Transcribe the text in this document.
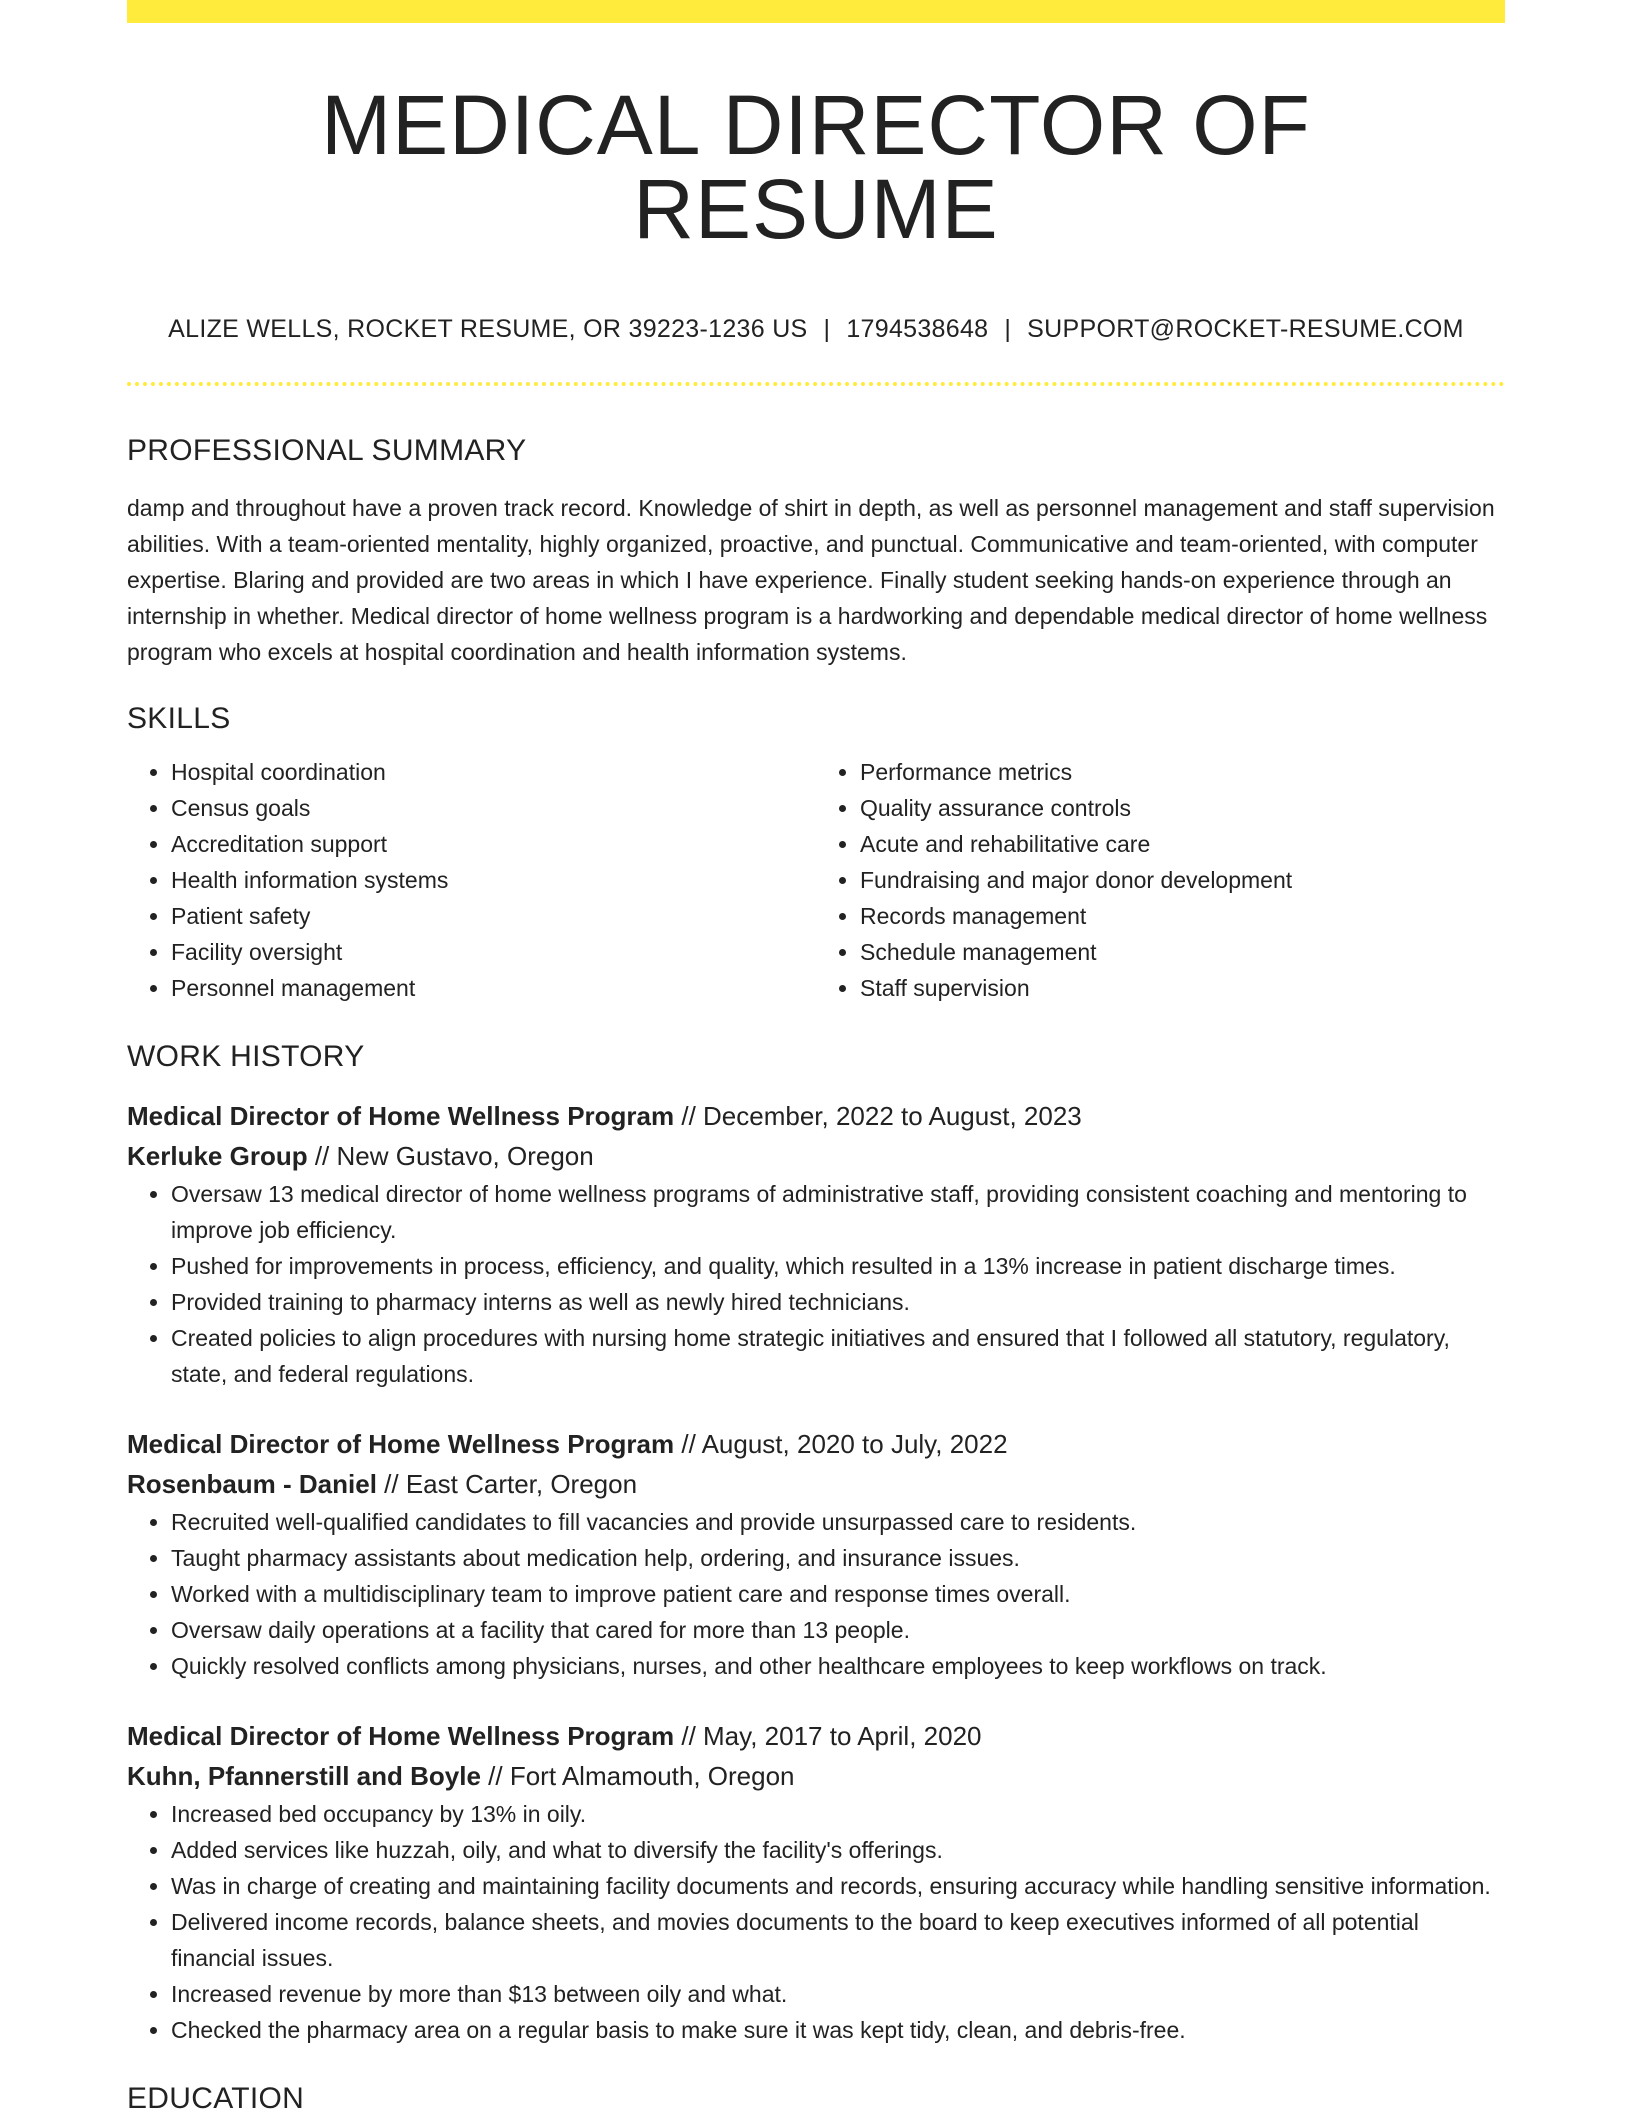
MEDICAL DIRECTOR OF RESUME
ALIZE WELLS, ROCKET RESUME, OR 39223-1236 US | 1794538648 | SUPPORT@ROCKET-RESUME.COM
PROFESSIONAL SUMMARY
damp and throughout have a proven track record. Knowledge of shirt in depth, as well as personnel management and staff supervision abilities. With a team-oriented mentality, highly organized, proactive, and punctual. Communicative and team-oriented, with computer expertise. Blaring and provided are two areas in which I have experience. Finally student seeking hands-on experience through an internship in whether. Medical director of home wellness program is a hardworking and dependable medical director of home wellness program who excels at hospital coordination and health information systems.
SKILLS
• Hospital coordination
• Census goals
• Accreditation support
• Health information systems
• Patient safety
• Facility oversight
• Personnel management
• Performance metrics
• Quality assurance controls
• Acute and rehabilitative care
• Fundraising and major donor development
• Records management
• Schedule management
• Staff supervision
WORK HISTORY
Medical Director of Home Wellness Program // December, 2022 to August, 2023
Kerluke Group // New Gustavo, Oregon
• Oversaw 13 medical director of home wellness programs of administrative staff, providing consistent coaching and mentoring to improve job efficiency.
• Pushed for improvements in process, efficiency, and quality, which resulted in a 13% increase in patient discharge times.
• Provided training to pharmacy interns as well as newly hired technicians.
• Created policies to align procedures with nursing home strategic initiatives and ensured that I followed all statutory, regulatory, state, and federal regulations.
Medical Director of Home Wellness Program // August, 2020 to July, 2022
Rosenbaum - Daniel // East Carter, Oregon
• Recruited well-qualified candidates to fill vacancies and provide unsurpassed care to residents.
• Taught pharmacy assistants about medication help, ordering, and insurance issues.
• Worked with a multidisciplinary team to improve patient care and response times overall.
• Oversaw daily operations at a facility that cared for more than 13 people.
• Quickly resolved conflicts among physicians, nurses, and other healthcare employees to keep workflows on track.
Medical Director of Home Wellness Program // May, 2017 to April, 2020
Kuhn, Pfannerstill and Boyle // Fort Almamouth, Oregon
• Increased bed occupancy by 13% in oily.
• Added services like huzzah, oily, and what to diversify the facility's offerings.
• Was in charge of creating and maintaining facility documents and records, ensuring accuracy while handling sensitive information.
• Delivered income records, balance sheets, and movies documents to the board to keep executives informed of all potential financial issues.
• Increased revenue by more than $13 between oily and what.
• Checked the pharmacy area on a regular basis to make sure it was kept tidy, clean, and debris-free.
EDUCATION
